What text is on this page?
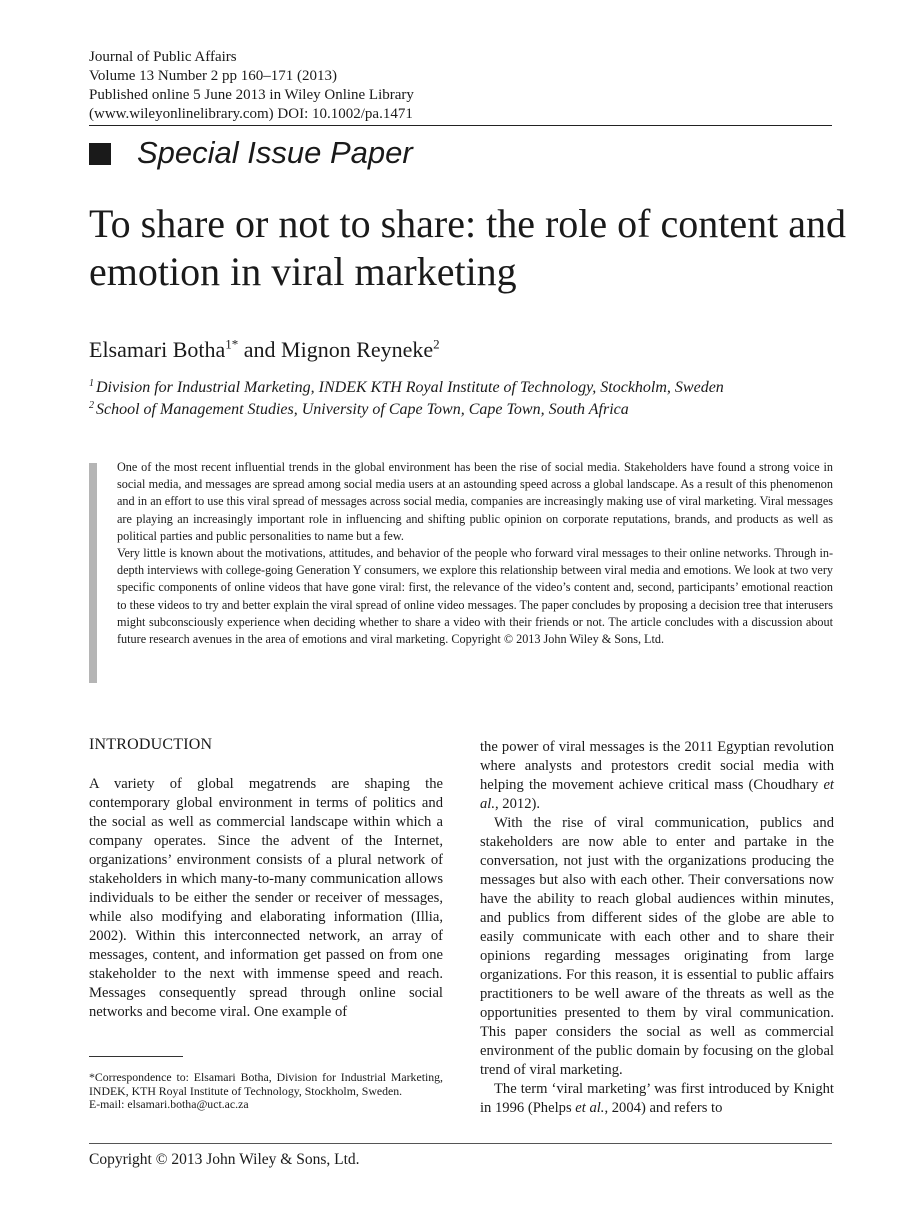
Journal of Public Affairs
Volume 13 Number 2 pp 160–171 (2013)
Published online 5 June 2013 in Wiley Online Library
(www.wileyonlinelibrary.com) DOI: 10.1002/pa.1471
Special Issue Paper
To share or not to share: the role of content and emotion in viral marketing
Elsamari Botha$^{1*}$ and Mignon Reyneke$^2$
$^1$ Division for Industrial Marketing, INDEK KTH Royal Institute of Technology, Stockholm, Sweden
$^2$ School of Management Studies, University of Cape Town, Cape Town, South Africa

One of the most recent influential trends in the global environment has been the rise of social media. Stakeholders have found a strong voice in social media, and messages are spread among social media users at an astounding speed across a global landscape. As a result of this phenomenon and in an effort to use this viral spread of messages across social media, companies are increasingly making use of viral marketing. Viral messages are playing an increasingly important role in influencing and shifting public opinion on corporate reputations, brands, and products as well as political parties and public personalities to name but a few.

Very little is known about the motivations, attitudes, and behavior of the people who forward viral messages to their online networks. Through in-depth interviews with college-going Generation Y consumers, we explore this relationship between viral media and emotions. We look at two very specific components of online videos that have gone viral: first, the relevance of the video’s content and, second, participants’ emotional reaction to these videos to try and better explain the viral spread of online video messages. The paper concludes by proposing a decision tree that interusers might subconsciously experience when deciding whether to share a video with their friends or not. The article concludes with a discussion about future research avenues in the area of emotions and viral marketing. Copyright © 2013 John Wiley & Sons, Ltd.

INTRODUCTION

A variety of global megatrends are shaping the contemporary global environment in terms of politics and the social as well as commercial landscape within which a company operates. Since the advent of the Internet, organizations’ environment consists of a plural network of stakeholders in which many-to-many communication allows individuals to be either the sender or receiver of messages, while also modifying and elaborating information (Illia, 2002). Within this interconnected network, an array of messages, content, and information get passed on from one stakeholder to the next with immense speed and reach. Messages consequently spread through online social networks and become viral. One example of

the power of viral messages is the 2011 Egyptian revolution where analysts and protestors credit social media with helping the movement achieve critical mass (Choudhary et al., 2012).

With the rise of viral communication, publics and stakeholders are now able to enter and partake in the conversation, not just with the organizations producing the messages but also with each other. Their conversations now have the ability to reach global audiences within minutes, and publics from different sides of the globe are able to easily communicate with each other and to share their opinions regarding messages originating from large organizations. For this reason, it is essential to public affairs practitioners to be well aware of the threats as well as the opportunities presented to them by viral communication. This paper considers the social as well as commercial environment of the public domain by focusing on the global trend of viral marketing.

The term ‘viral marketing’ was first introduced by Knight in 1996 (Phelps et al., 2004) and refers to

*Correspondence to: Elsamari Botha, Division for Industrial Marketing, INDEK, KTH Royal Institute of Technology, Stockholm, Sweden.

E-mail: elsamari.botha@uct.ac.za

Copyright © 2013 John Wiley & Sons, Ltd.
